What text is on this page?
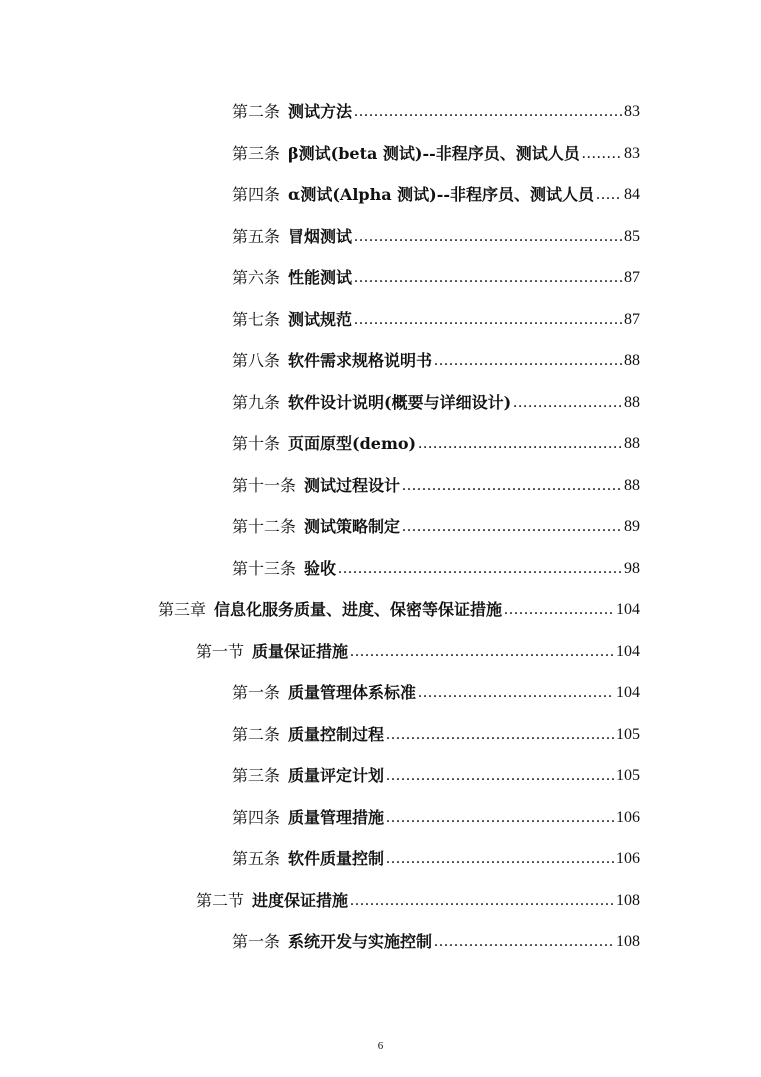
第二条 测试方法 .....	83
第三条 β测试(beta 测试)--非程序员、测试人员 .....	83
第四条 α测试(Alpha 测试)--非程序员、测试人员 ..... 84
第五条 冒烟测试 .....	85
第六条 性能测试 .....	87
第七条 测试规范 .....	87
第八条 软件需求规格说明书 .....	88
第九条 软件设计说明(概要与详细设计) .....	88
第十条 页面原型(demo) .....	88
第十一条 测试过程设计 .....	88
第十二条 测试策略制定 .....	89
第十三条 验收 .....	98
第三章 信息化服务质量、进度、保密等保证措施 .....	104
第一节 质量保证措施 .....	104
第一条 质量管理体系标准 .....	104
第二条 质量控制过程 .....	105
第三条 质量评定计划 .....	105
第四条 质量管理措施 .....	106
第五条 软件质量控制 .....	106
第二节 进度保证措施 .....	108
第一条 系统开发与实施控制 .....	108
6
